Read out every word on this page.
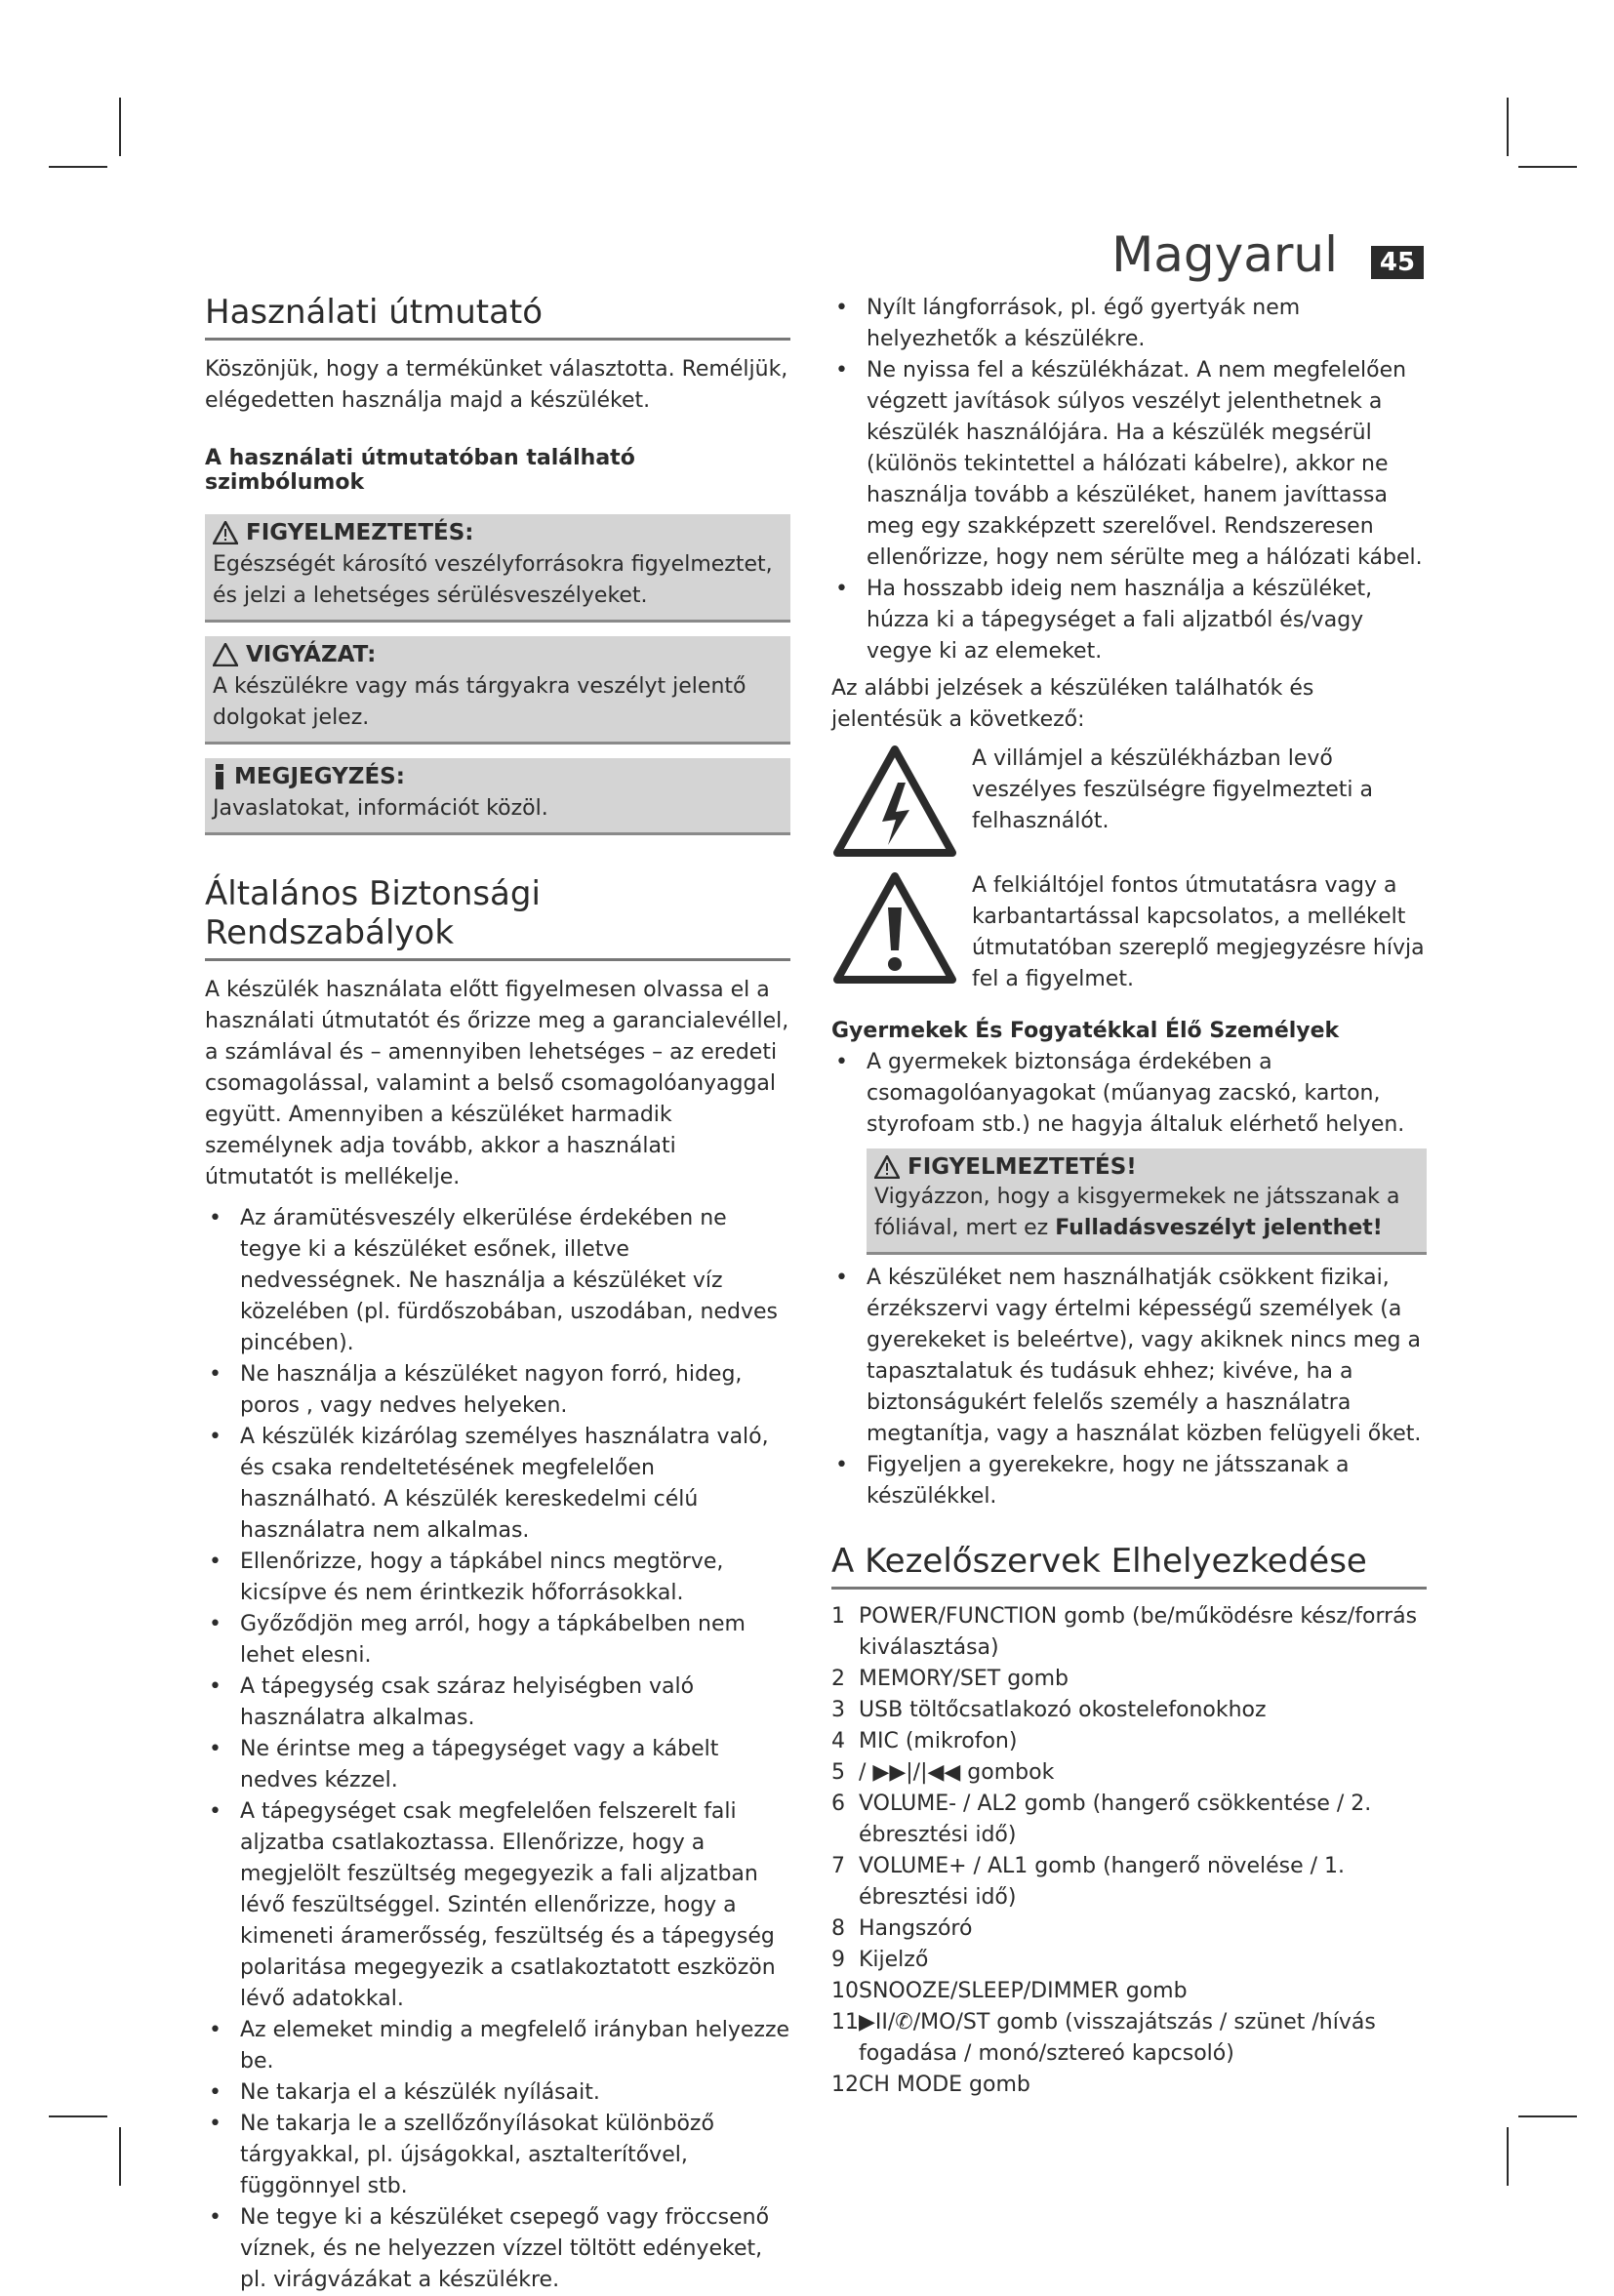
Magyarul	45
Használati útmutató

Köszönjük, hogy a termékünket választotta. Reméljük, elégedetten használja majd a készüléket.

A használati útmutatóban található szimbólumok

FIGYELMEZTETÉS:

Egészségét károsító veszélyforrásokra figyelmeztet, és jelzi a lehetséges sérülésveszélyeket.

VIGYÁZAT:

A készülékre vagy más tárgyakra veszélyt jelentő dolgokat jelez.

MEGJEGYZÉS:

Javaslatokat, információt közöl.

Általános Biztonsági Rendszabályok

A készülék használata előtt figyelmesen olvassa el a használati útmutatót és őrizze meg a garancialevéllel, a számlával és – amennyiben lehetséges – az eredeti csomagolással, valamint a belső csomagolóanyaggal együtt. Amennyiben a készüléket harmadik személynek adja tovább, akkor a használati útmutatót is mellékelje.

• Az áramütésveszély elkerülése érdekében ne tegye ki a készüléket esőnek, illetve nedvességnek. Ne használja a készüléket víz közelében (pl. fürdőszobában, uszodában, nedves pincében).
• Ne használja a készüléket nagyon forró, hideg, poros , vagy nedves helyeken.
• A készülék kizárólag személyes használatra való, és csaka rendeltetésének megfelelően használható. A készülék kereskedelmi célú használatra nem alkalmas.
• Ellenőrizze, hogy a tápkábel nincs megtörve, kicsípve és nem érintkezik hőforrásokkal.
• Győződjön meg arról, hogy a tápkábelben nem lehet elesni.
• A tápegység csak száraz helyiségben való használatra alkalmas.
• Ne érintse meg a tápegységet vagy a kábelt nedves kézzel.
• A tápegységet csak megfelelően felszerelt fali aljzatba csatlakoztassa. Ellenőrizze, hogy a megjelölt feszültség megegyezik a fali aljzatban lévő feszültséggel. Szintén ellenőrizze, hogy a kimeneti áramerősség, feszültség és a tápegység polaritása megegyezik a csatlakoztatott eszközön lévő adatokkal.
• Az elemeket mindig a megfelelő irányban helyezze be.
• Ne takarja el a készülék nyílásait.
• Ne takarja le a szellőzőnyílásokat különböző tárgyakkal, pl. újságokkal, asztalterítővel, függönnyel stb.
• Ne tegye ki a készüléket csepegő vagy fröccsenő víznek, és ne helyezzen vízzel töltött edényeket, pl. virágvázákat a készülékre.
• Nyílt lángforrások, pl. égő gyertyák nem helyezhetők a készülékre.
• Ne nyissa fel a készülékházat. A nem megfelelően végzett javítások súlyos veszélyt jelenthetnek a készülék használójára. Ha a készülék megsérül (különös tekintettel a hálózati kábelre), akkor ne használja tovább a készüléket, hanem javíttassa meg egy szakképzett szerelővel. Rendszeresen ellenőrizze, hogy nem sérülte meg a hálózati kábel.
• Ha hosszabb ideig nem használja a készüléket, húzza ki a tápegységet a fali aljzatból és/vagy vegye ki az elemeket.

Az alábbi jelzések a készüléken találhatók és jelentésük a következő:

A villámjel a készülékházban levő veszélyes feszülségre figyelmezteti a felhasználót.
A felkiáltójel fontos útmutatásra vagy a karbantartással kapcsolatos, a mellékelt útmutatóban szereplő megjegyzésre hívja fel a figyelmet.

Gyermekek És Fogyatékkal Élő Személyek

• A gyermekek biztonsága érdekében a csomagolóanyagokat (műanyag zacskó, karton, styrofoam stb.) ne hagyja általuk elérhető helyen.

FIGYELMEZTETÉS!

Vigyázzon, hogy a kisgyermekek ne játsszanak a fóliával, mert ez Fulladásveszélyt jelenthet!

• A készüléket nem használhatják csökkent fizikai, érzékszervi vagy értelmi képességű személyek (a gyerekeket is beleértve), vagy akiknek nincs meg a tapasztalatuk és tudásuk ehhez; kivéve, ha a biztonságukért felelős személy a használatra megtanítja, vagy a használat közben felügyeli őket.
• Figyeljen a gyerekekre, hogy ne játsszanak a készülékkel.
A Kezelőszervek Elhelyezkedése
1 POWER/FUNCTION gomb (be/működésre kész/forrás kiválasztása)
2 MEMORY/SET gomb
3 USB töltőcsatlakozó okostelefonokhoz
4 MIC (mikrofon)
5 / ▶▶|/|◀◀ gombok
6 VOLUME- / AL2 gomb (hangerő csökkentése / 2. ébresztési idő)
7 VOLUME+ / AL1 gomb (hangerő növelése / 1. ébresztési idő)
8 Hangszóró
9 Kijelző
10 SNOOZE/SLEEP/DIMMER gomb
11 ▶II/✆/MO/ST gomb (visszajátszás / szünet /hívás fogadása / monó/sztereó kapcsoló)
12 CH MODE gomb
